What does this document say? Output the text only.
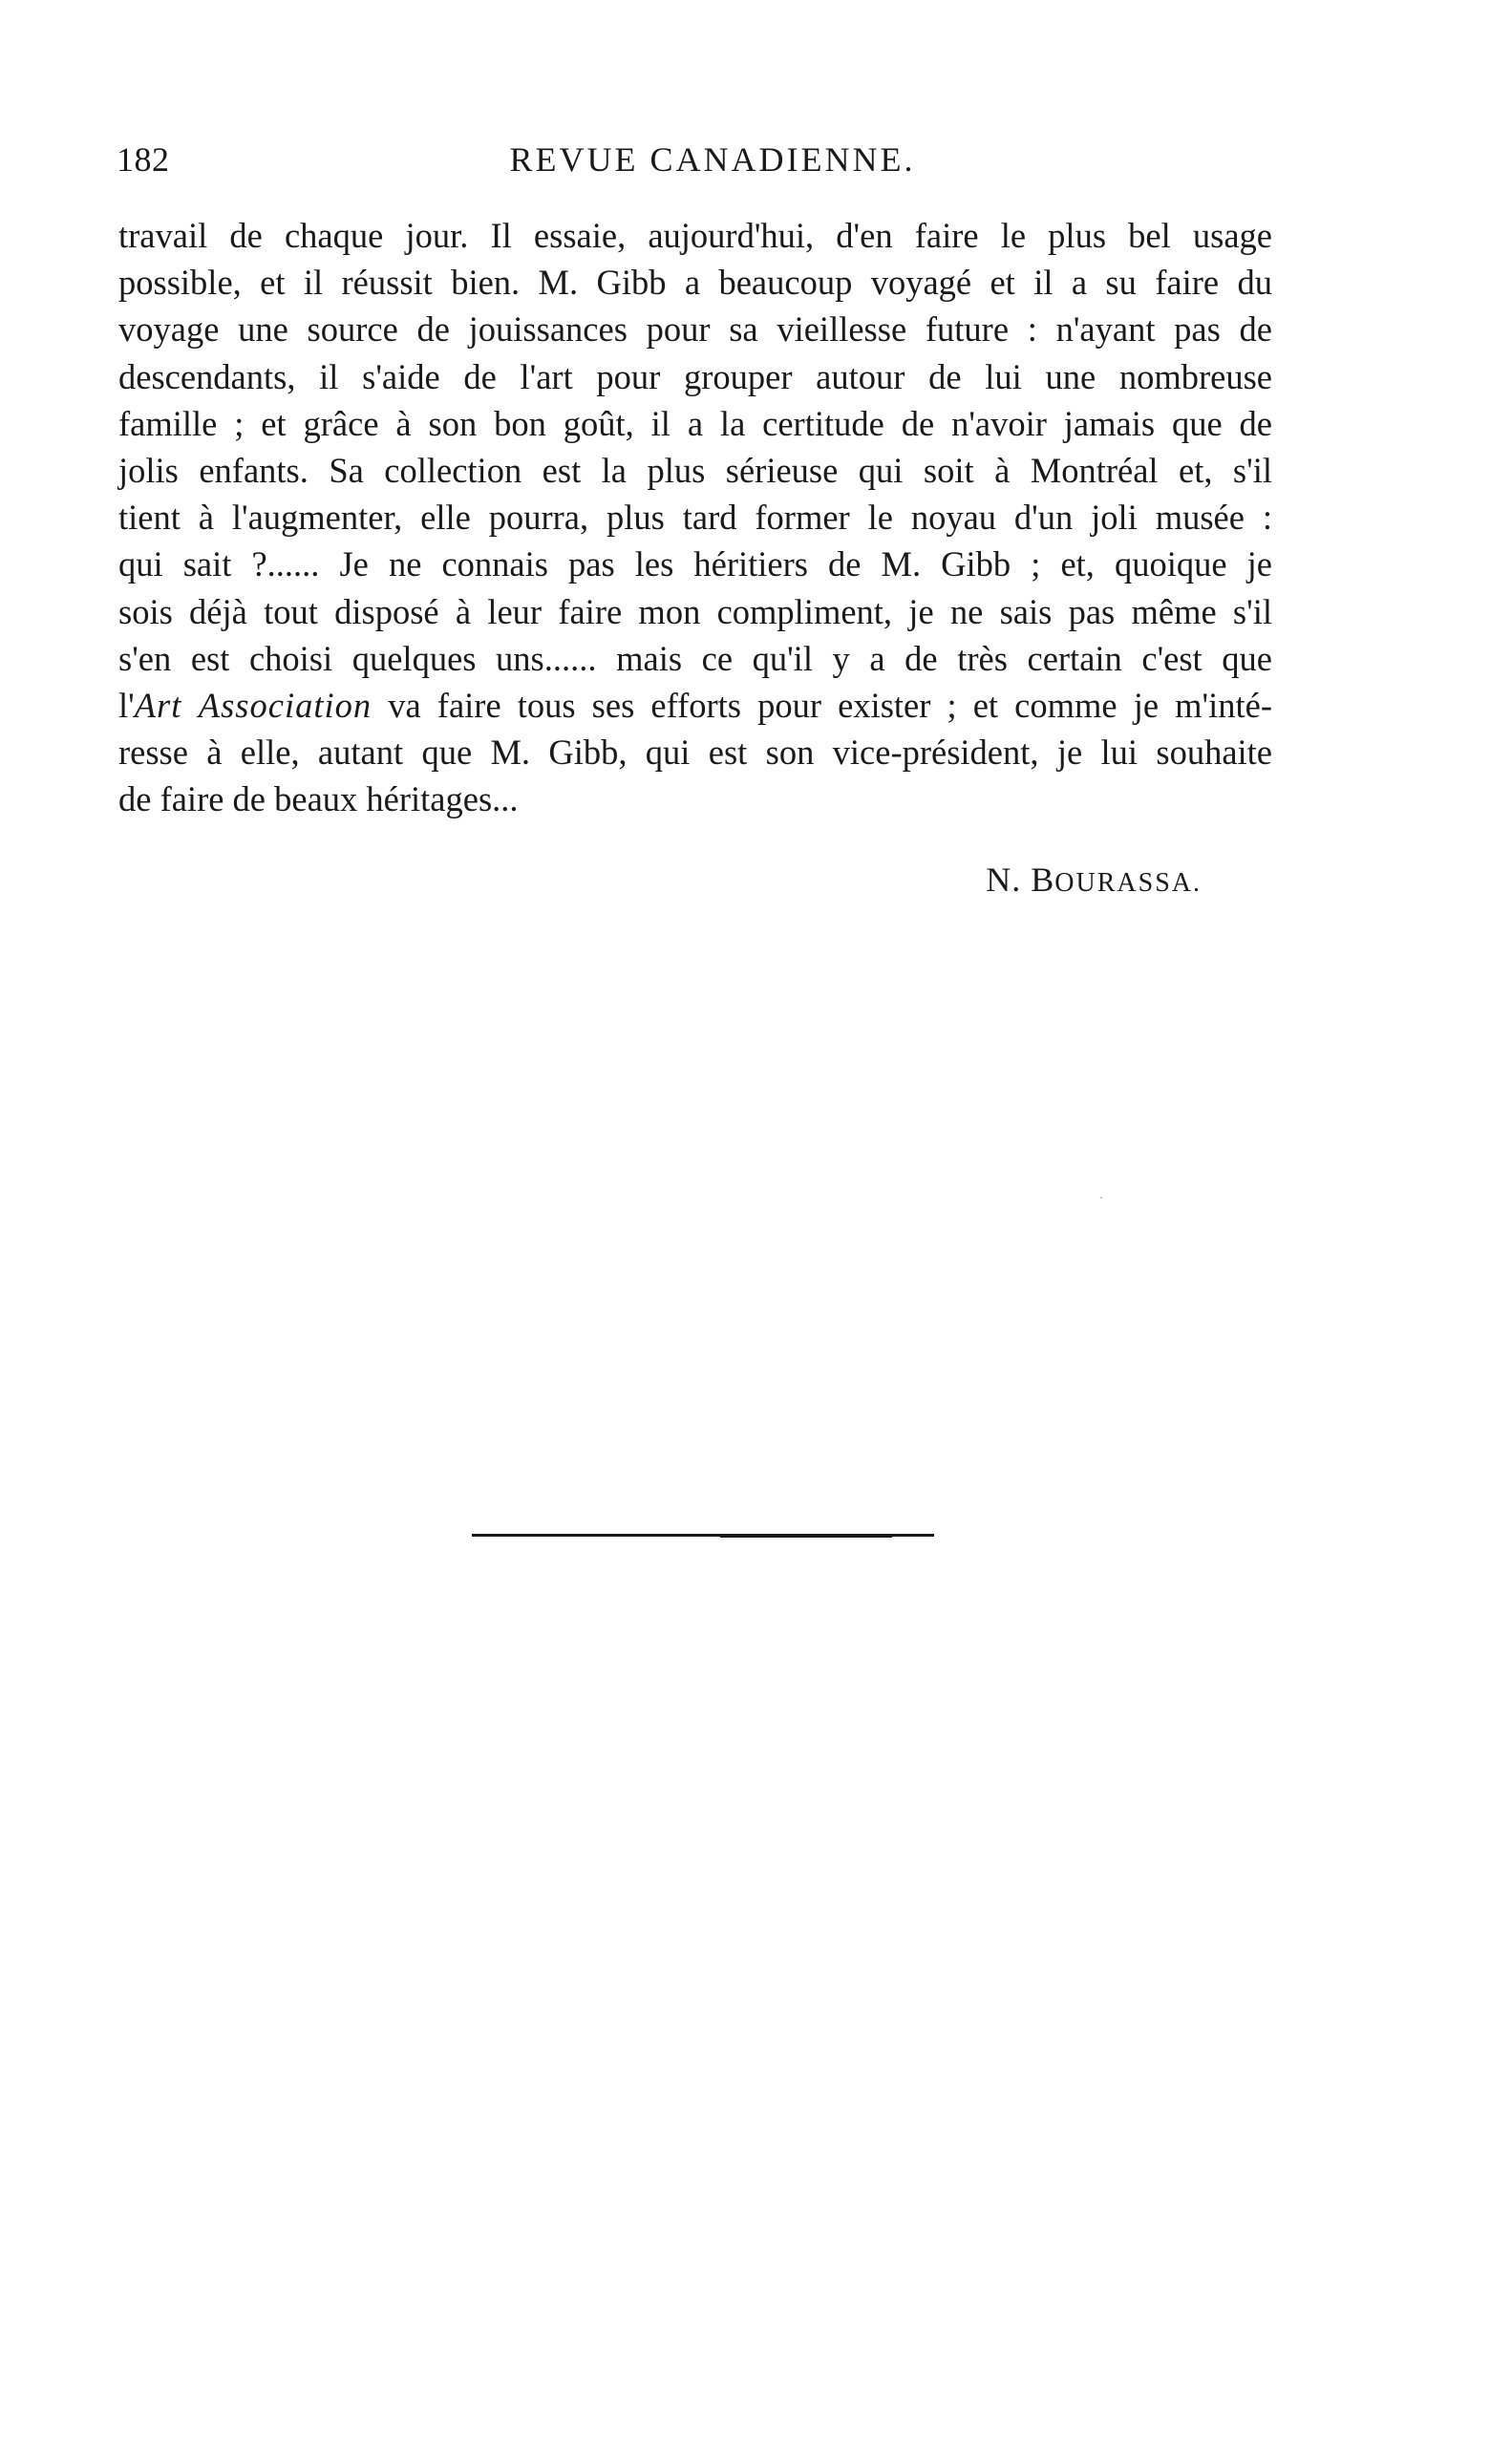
182	REVUE CANADIENNE.

travail de chaque jour. Il essaie, aujourd'hui, d'en faire le plus bel usage
possible, et il réussit bien. M. Gibb a beaucoup voyagé et il a su faire du
voyage une source de jouissances pour sa vieillesse future : n'ayant pas de
descendants, il s'aide de l'art pour grouper autour de lui une nombreuse
famille ; et grâce à son bon goût, il a la certitude de n'avoir jamais que de
jolis enfants. Sa collection est la plus sérieuse qui soit à Montréal et, s'il
tient à l'augmenter, elle pourra, plus tard former le noyau d'un joli musée :
qui sait ?...... Je ne connais pas les héritiers de M. Gibb ; et, quoique je
sois déjà tout disposé à leur faire mon compliment, je ne sais pas même s'il
s'en est choisi quelques uns...... mais ce qu'il y a de très certain c'est que
l'Art Association va faire tous ses efforts pour exister ; et comme je m'inté-
resse à elle, autant que M. Gibb, qui est son vice-président, je lui souhaite
de faire de beaux héritages...

N. BOURASSA.
